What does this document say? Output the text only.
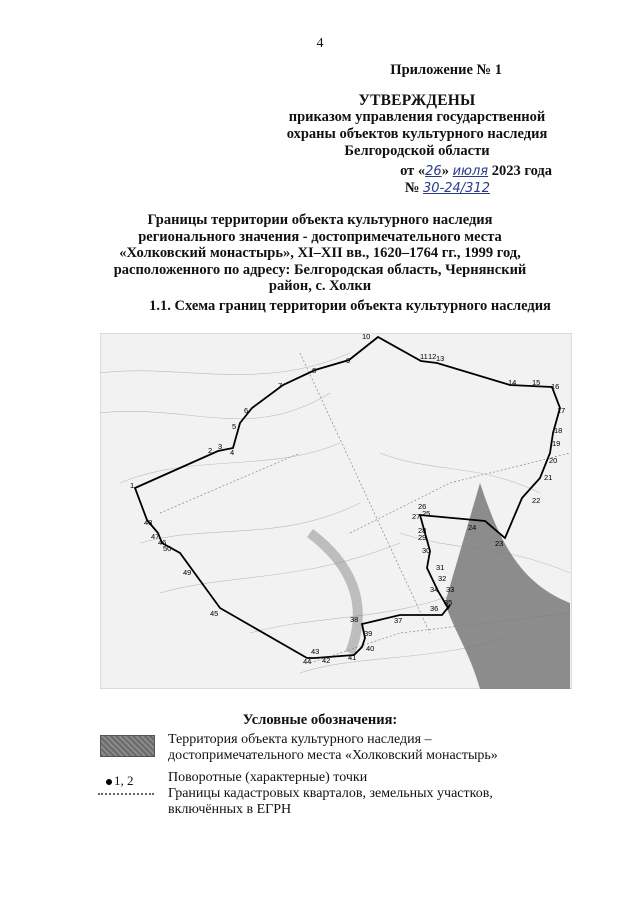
4
Приложение № 1
УТВЕРЖДЕНЫ
приказом управления государственной
охраны объектов культурного наследия
Белгородской области
от «26» июля 2023 года
№ 30-24/312
Границы территории объекта культурного наследия регионального значения - достопримечательного места «Холковский монастырь», XI–XII вв., 1620–1764 гг., 1999 год, расположенного по адресу: Белгородская область, Чернянский район, с. Холки
1.1. Схема границ территории объекта культурного наследия
1
2 3
4
5
6
7
8
9
10
11 12 13
14 15 16
17
18
19
20
21
22
23
24
25
26
27
28
29
30
31
32
33
34
35
36
37
38
39
40
41
42
43
44
45
46
47
48
49
50
Условные обозначения:
Территория объекта культурного наследия – достопримечательного места «Холковский монастырь»
1, 2 Поворотные (характерные) точки
Границы кадастровых кварталов, земельных участков, включённых в ЕГРН
